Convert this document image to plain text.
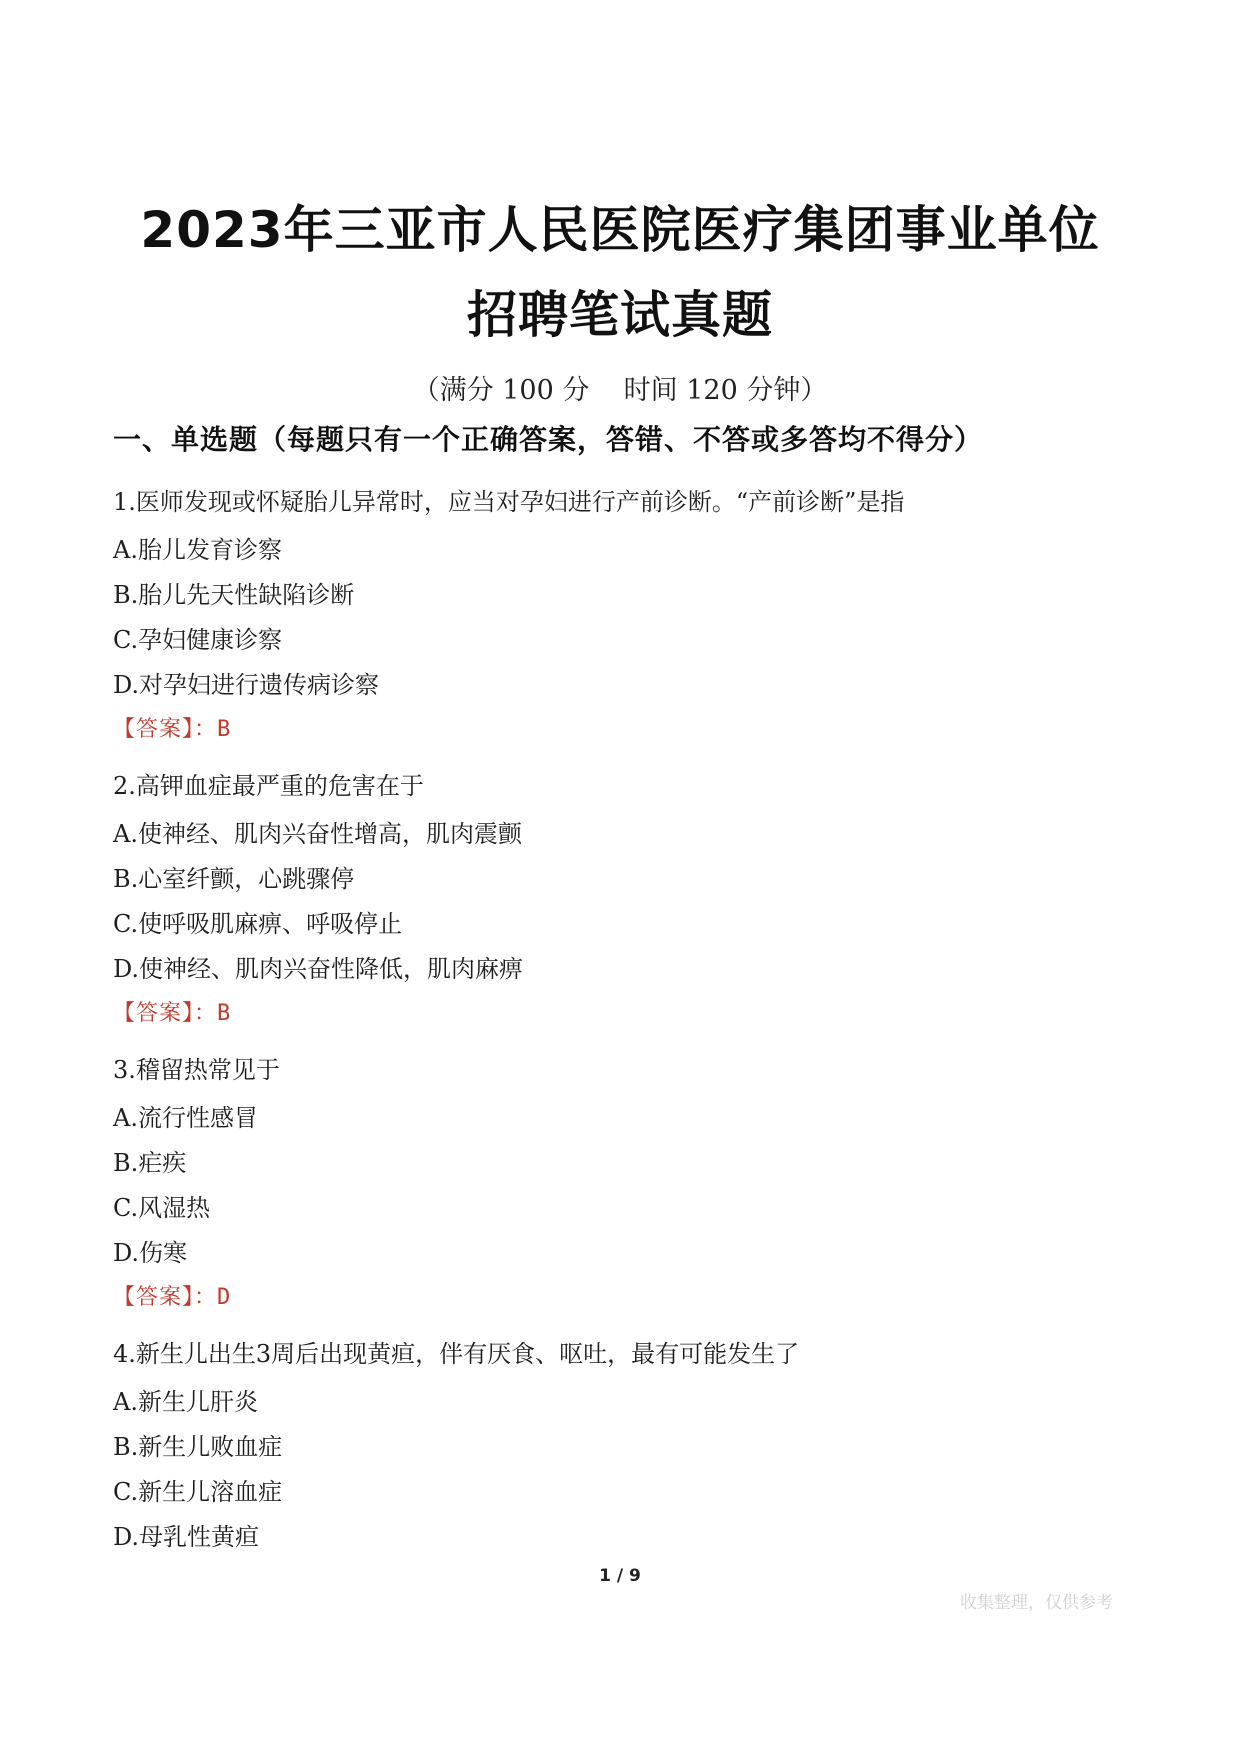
2023年三亚市人民医院医疗集团事业单位
招聘笔试真题
（满分 100 分    时间 120 分钟）
一、单选题（每题只有一个正确答案，答错、不答或多答均不得分）
1.医师发现或怀疑胎儿异常时，应当对孕妇进行产前诊断。“产前诊断”是指
A.胎儿发育诊察
B.胎儿先天性缺陷诊断
C.孕妇健康诊察
D.对孕妇进行遗传病诊察
【答案】：B
2.高钾血症最严重的危害在于
A.使神经、肌肉兴奋性增高，肌肉震颤
B.心室纤颤，心跳骤停
C.使呼吸肌麻痹、呼吸停止
D.使神经、肌肉兴奋性降低，肌肉麻痹
【答案】：B
3.稽留热常见于
A.流行性感冒
B.疟疾
C.风湿热
D.伤寒
【答案】：D
4.新生儿出生3周后出现黄疸，伴有厌食、呕吐，最有可能发生了
A.新生儿肝炎
B.新生儿败血症
C.新生儿溶血症
D.母乳性黄疸
1 / 9
收集整理，仅供参考
